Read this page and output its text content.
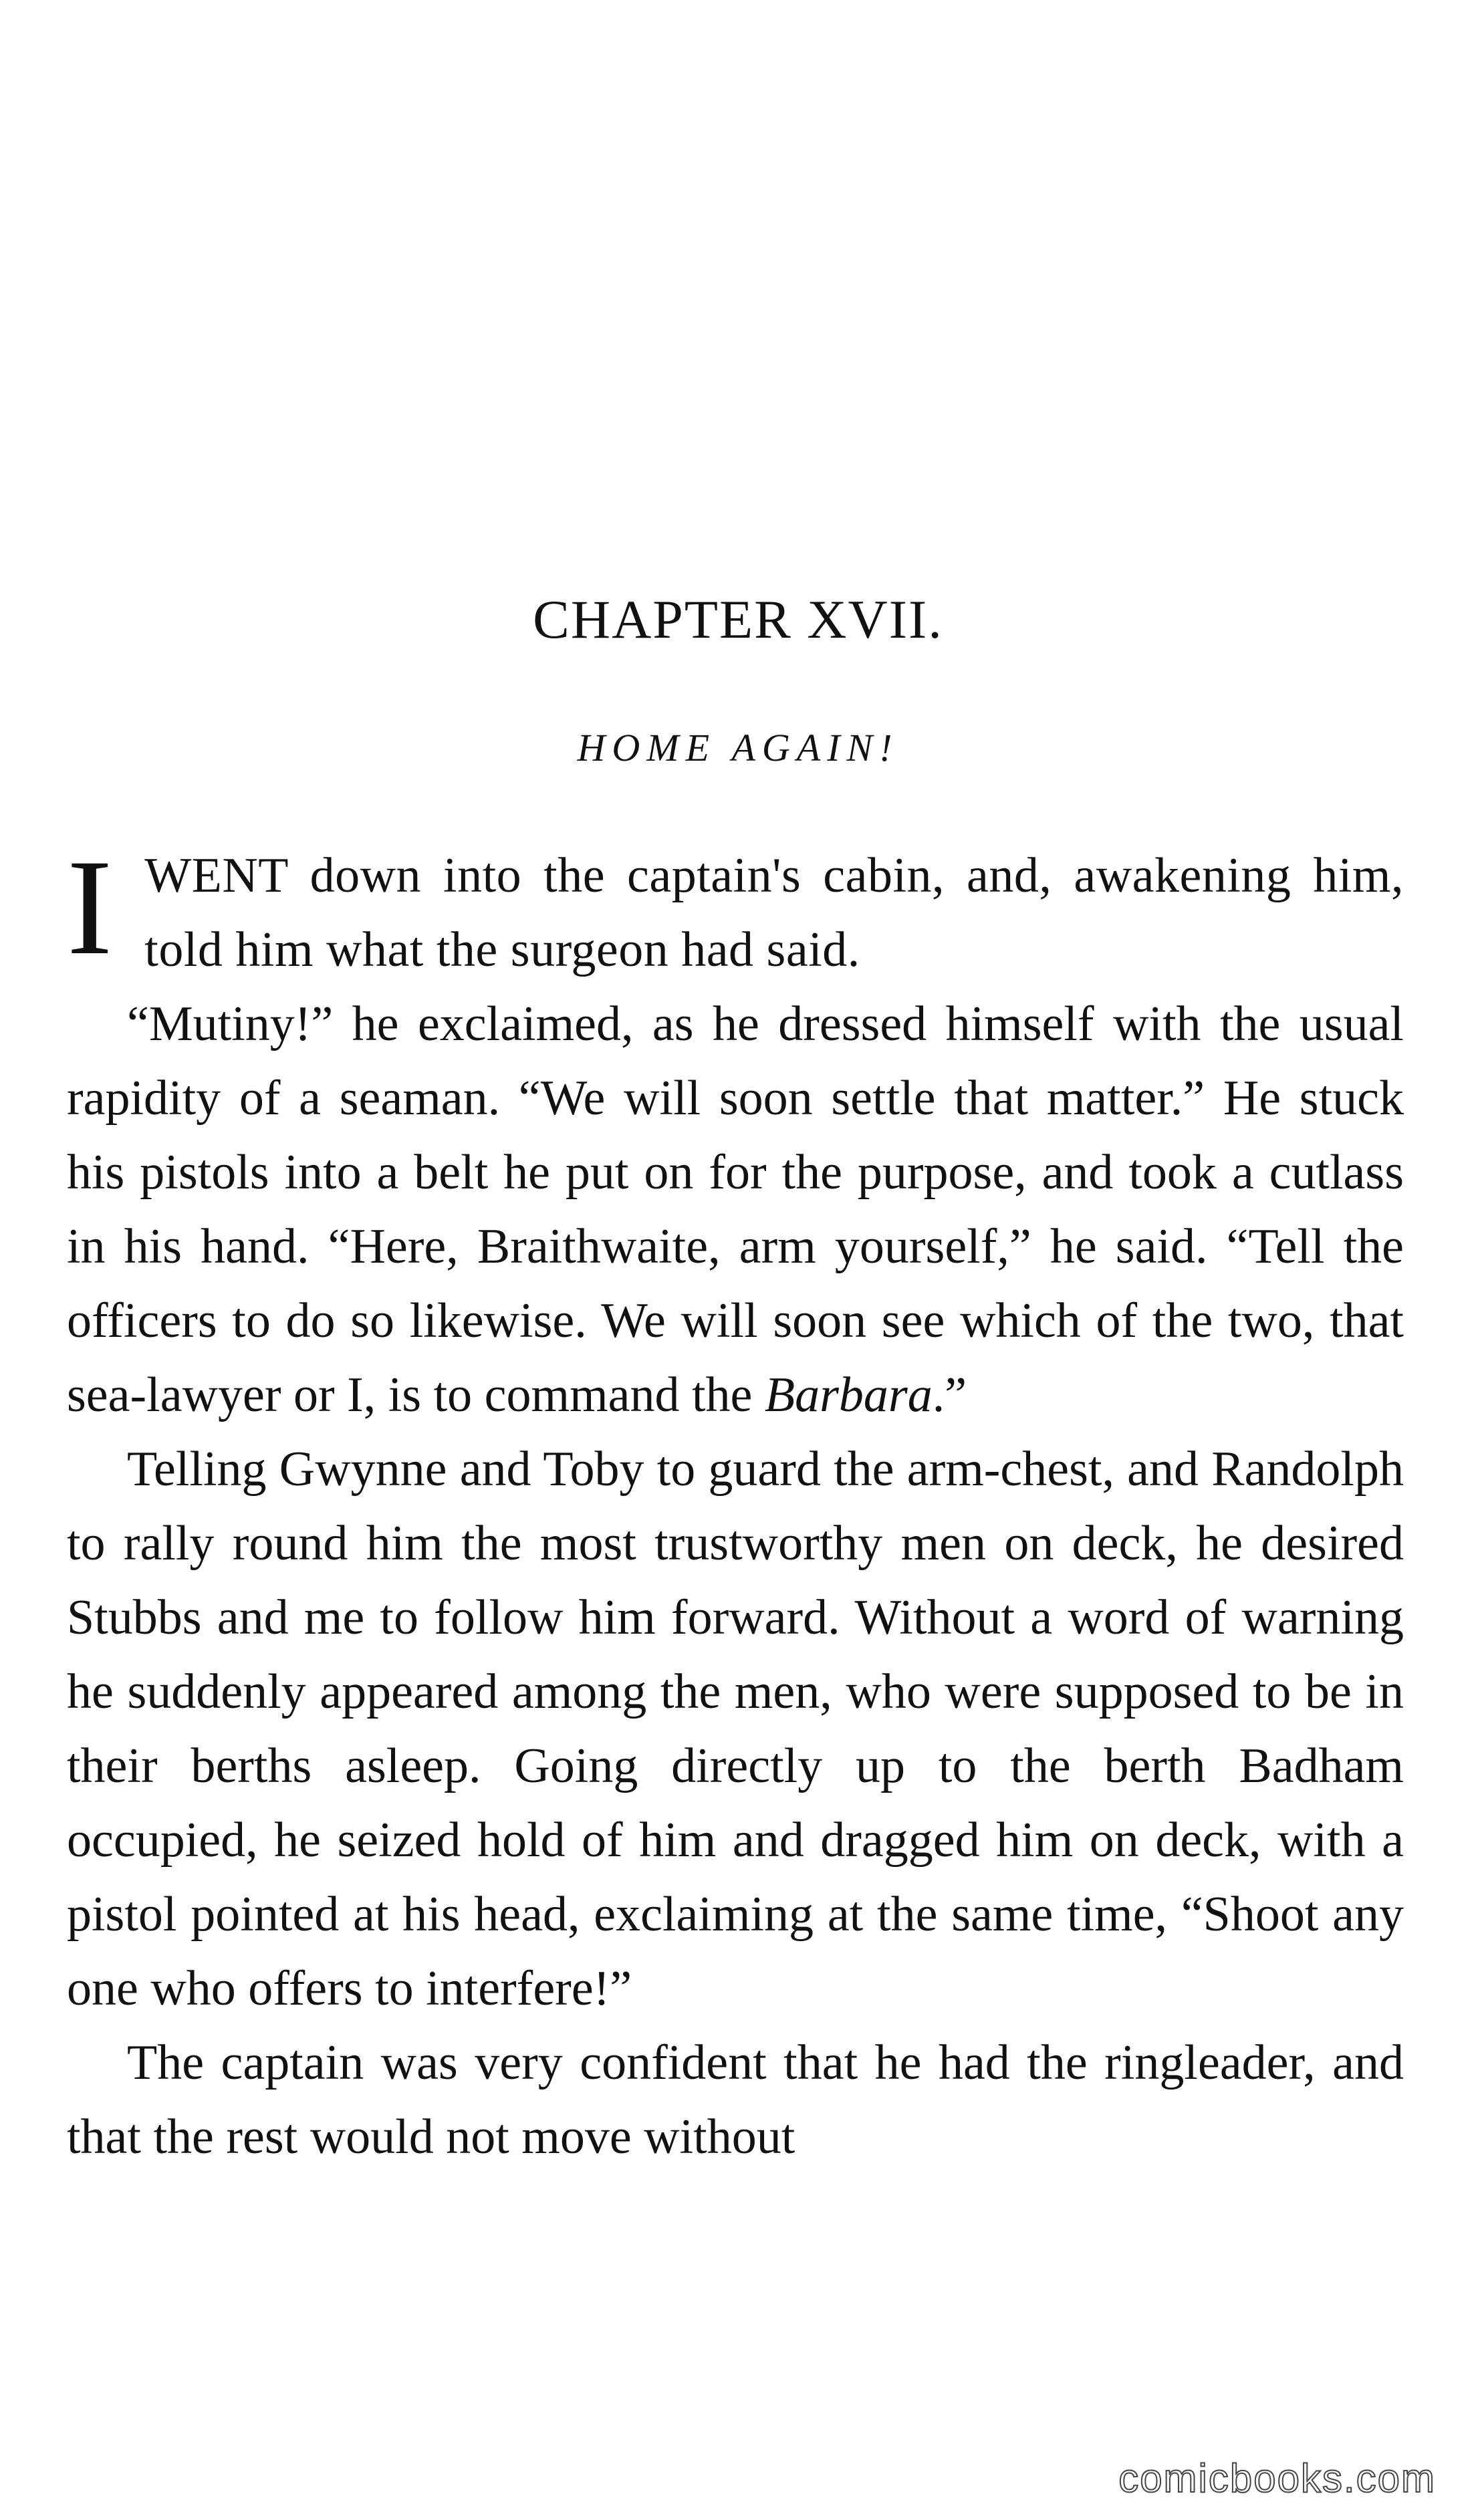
CHAPTER XVII.
HOME AGAIN!

IWENT down into the captain's cabin, and, awakening him, told him what the surgeon had said.

“Mutiny!” he exclaimed, as he dressed himself with the usual rapidity of a seaman. “We will soon settle that matter.” He stuck his pistols into a belt he put on for the purpose, and took a cutlass in his hand. “Here, Braithwaite, arm yourself,” he said. “Tell the officers to do so likewise. We will soon see which of the two, that sea-lawyer or I, is to command the Barbara.”

Telling Gwynne and Toby to guard the arm-chest, and Randolph to rally round him the most trustworthy men on deck, he desired Stubbs and me to follow him forward. Without a word of warning he suddenly appeared among the men, who were supposed to be in their berths asleep. Going directly up to the berth Badham occupied, he seized hold of him and dragged him on deck, with a pistol pointed at his head, exclaiming at the same time, “Shoot any one who offers to interfere!”

The captain was very confident that he had the ringleader, and that the rest would not move without

comicbooks.com
